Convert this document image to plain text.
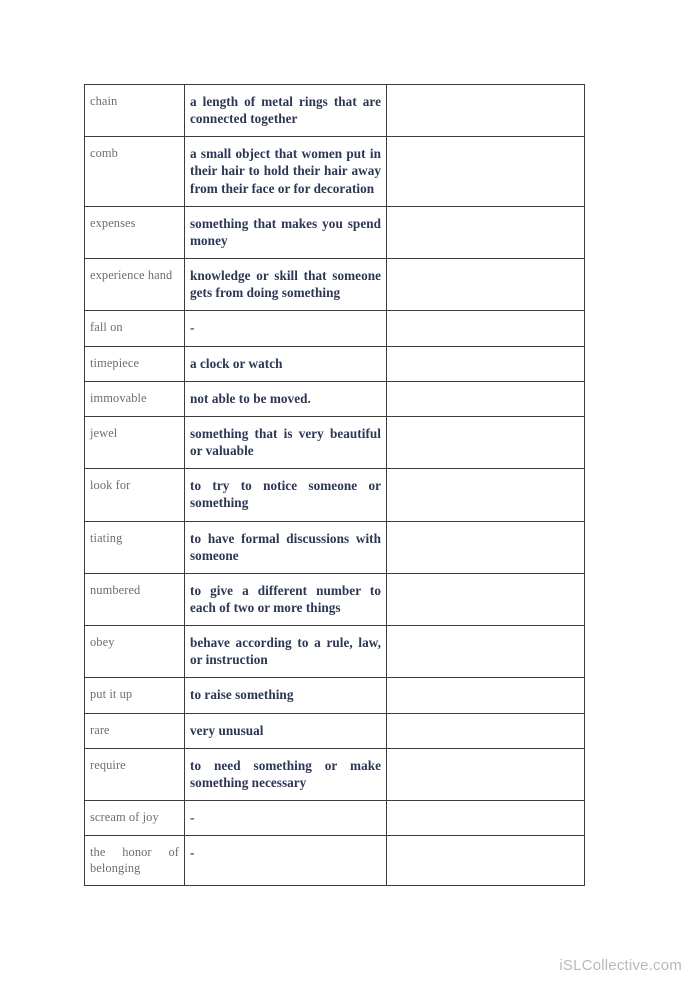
chain	a length of metal rings that are connected together	
comb	a small object that women put in their hair to hold their hair away from their face or for decoration	
expenses	something that makes you spend money	
experience hand	knowledge or skill that someone gets from doing something	
fall on	-	
timepiece	a clock or watch	
immovable	not able to be moved.	
jewel	something that is very beautiful or valuable	
look for	to try to notice someone or something	
tiating	to have formal discussions with someone	
numbered	to give a different number to each of two or more things	
obey	behave according to a rule, law, or instruction	
put it up	to raise something	
rare	very unusual	
require	to need something or make something necessary	
scream of joy	-	
the honor of belonging	-	
iSLCollective.com
